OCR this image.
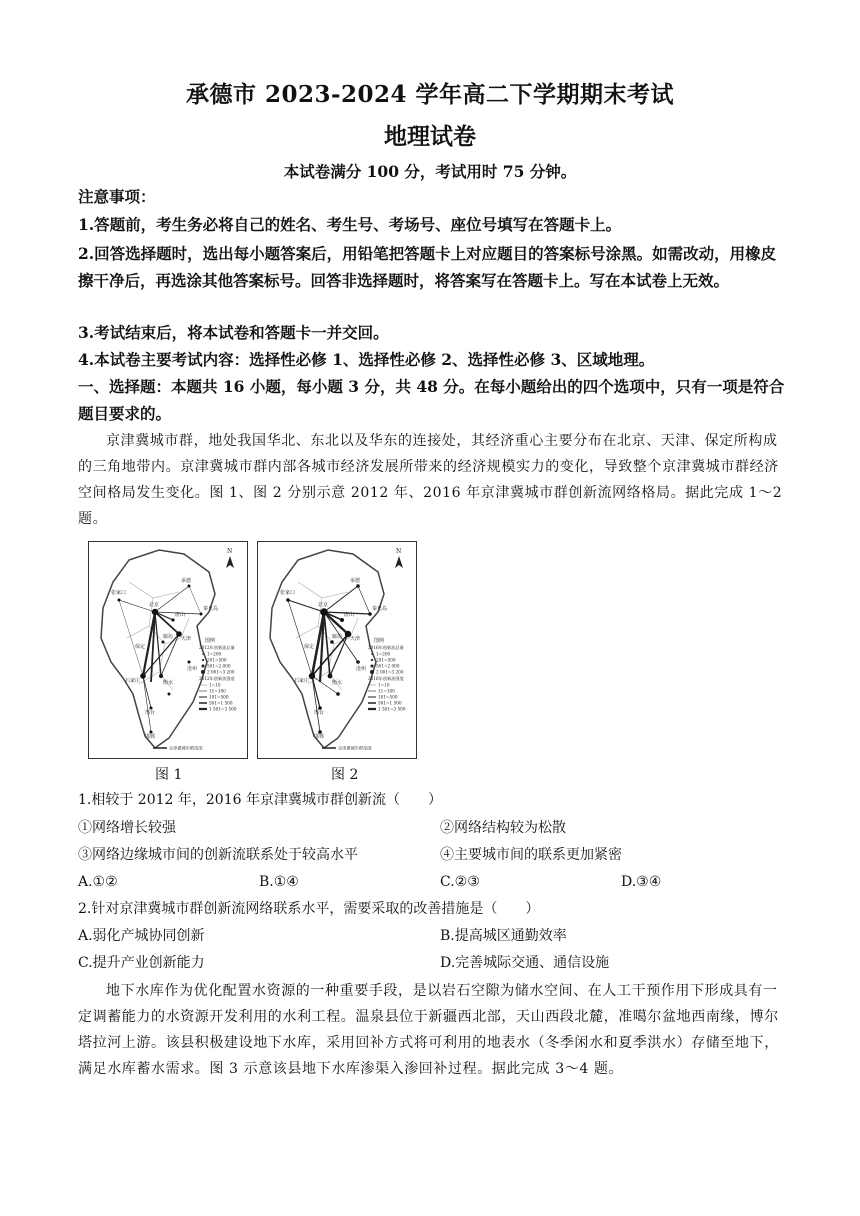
承德市 2023-2024 学年高二下学期期末考试
地理试卷
本试卷满分 100 分，考试用时 75 分钟。
注意事项：
1.答题前，考生务必将自己的姓名、考生号、考场号、座位号填写在答题卡上。
2.回答选择题时，选出每小题答案后，用铅笔把答题卡上对应题目的答案标号涂黑。如需改动，用橡皮擦干净后，再选涂其他答案标号。回答非选择题时，将答案写在答题卡上。写在本试卷上无效。
3.考试结束后，将本试卷和答题卡一并交回。
4.本试卷主要考试内容：选择性必修 1、选择性必修 2、选择性必修 3、区域地理。
一、选择题：本题共 16 小题，每小题 3 分，共 48 分。在每小题给出的四个选项中，只有一项是符合题目要求的。
京津冀城市群，地处我国华北、东北以及华东的连接处，其经济重心主要分布在北京、天津、保定所构成的三角地带内。京津冀城市群内部各城市经济发展所带来的经济规模实力的变化，导致整个京津冀城市群经济空间格局发生变化。图 1、图 2 分别示意 2012 年、2016 年京津冀城市群创新流网络格局。据此完成 1～2 题。
N
张家口
承德
北京
秦皇岛
唐山
天津
廊坊
保定
沧州
石家庄	衡水
邢台
邯郸
图例
2012年创新流总量
1~200
201~500
501~2 000
2 001~3 200
2012年创新流强度
1~10
11~100
101~500
501~1 500
1 501~3 500
京津冀城市群范围
N
张家口
承德
北京
秦皇岛
唐山
天津
廊坊
保定
沧州
石家庄	衡水
邢台
邯郸
图例
2016年创新流总量
1~200
201~500
501~2 000
2 001~3 200
2016年创新流强度
1~10
11~100
101~500
501~1 500
1 501~3 500
京津冀城市群范围
图 1	图 2
1.相较于 2012 年，2016 年京津冀城市群创新流（　　）
①网络增长较强	②网络结构较为松散
③网络边缘城市间的创新流联系处于较高水平	④主要城市间的联系更加紧密
A.①②	B.①④	C.②③	D.③④
2.针对京津冀城市群创新流网络联系水平，需要采取的改善措施是（　　）
A.弱化产城协同创新	B.提高城区通勤效率
C.提升产业创新能力	D.完善城际交通、通信设施
地下水库作为优化配置水资源的一种重要手段，是以岩石空隙为储水空间、在人工干预作用下形成具有一定调蓄能力的水资源开发利用的水利工程。温泉县位于新疆西北部，天山西段北麓，准噶尔盆地西南缘，博尔塔拉河上游。该县积极建设地下水库，采用回补方式将可利用的地表水（冬季闲水和夏季洪水）存储至地下，满足水库蓄水需求。图 3 示意该县地下水库渗渠入渗回补过程。据此完成 3～4 题。
